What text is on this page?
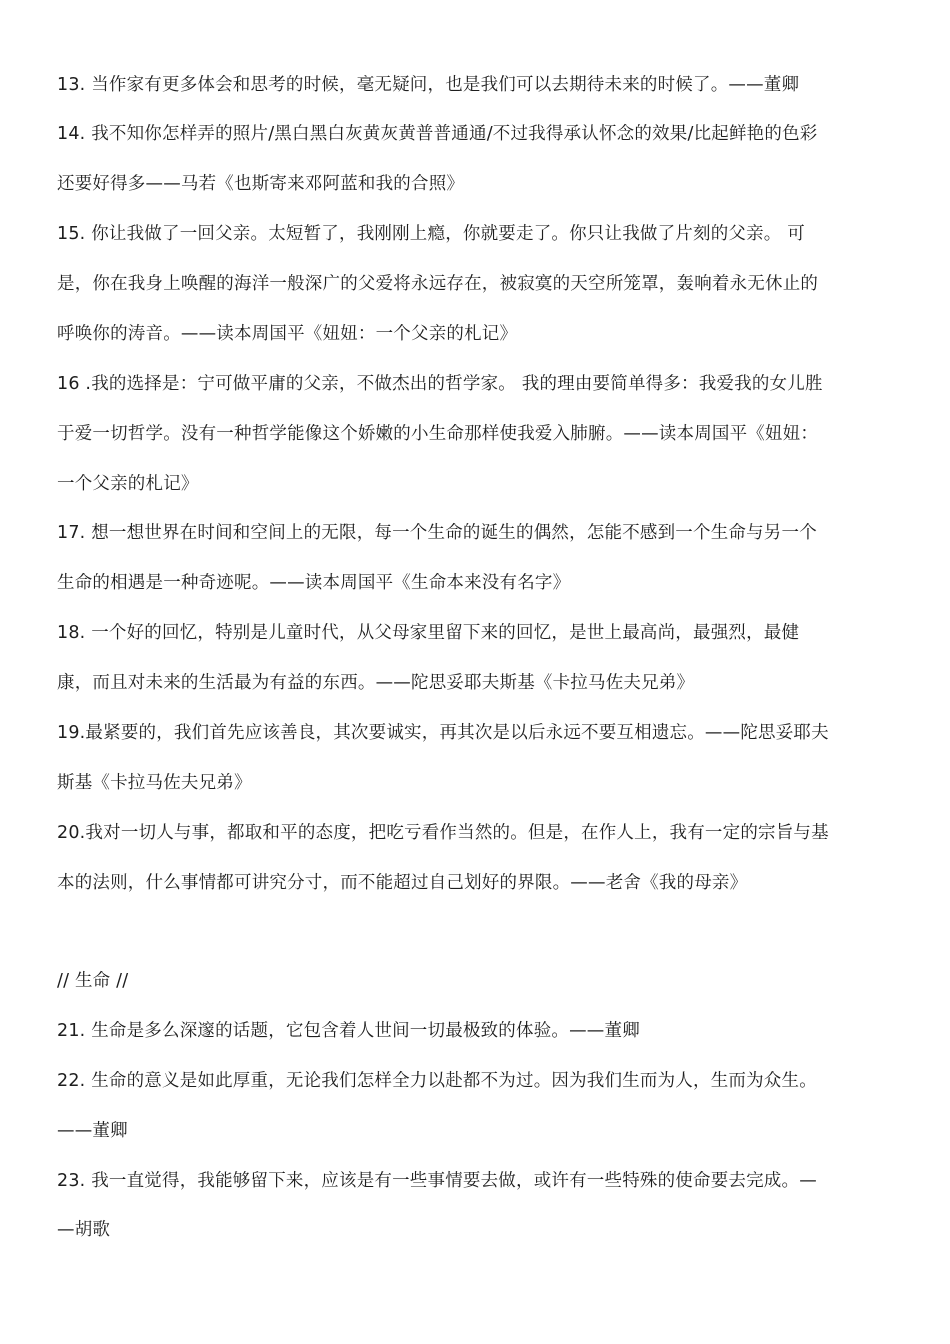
13. 当作家有更多体会和思考的时候，毫无疑问，也是我们可以去期待未来的时候了。——董卿
14. 我不知你怎样弄的照片/黑白黑白灰黄灰黄普普通通/不过我得承认怀念的效果/比起鲜艳的色彩
还要好得多——马若《也斯寄来邓阿蓝和我的合照》
15. 你让我做了一回父亲。太短暂了，我刚刚上瘾，你就要走了。你只让我做了片刻的父亲。 可
是，你在我身上唤醒的海洋一般深广的父爱将永远存在，被寂寞的天空所笼罩，轰响着永无休止的
呼唤你的涛音。——读本周国平《妞妞：一个父亲的札记》
16 .我的选择是：宁可做平庸的父亲，不做杰出的哲学家。 我的理由要简单得多：我爱我的女儿胜
于爱一切哲学。没有一种哲学能像这个娇嫩的小生命那样使我爱入肺腑。——读本周国平《妞妞：
一个父亲的札记》
17. 想一想世界在时间和空间上的无限，每一个生命的诞生的偶然，怎能不感到一个生命与另一个
生命的相遇是一种奇迹呢。——读本周国平《生命本来没有名字》
18. 一个好的回忆，特别是儿童时代，从父母家里留下来的回忆，是世上最高尚，最强烈，最健
康，而且对未来的生活最为有益的东西。——陀思妥耶夫斯基《卡拉马佐夫兄弟》
19.最紧要的，我们首先应该善良，其次要诚实，再其次是以后永远不要互相遗忘。——陀思妥耶夫
斯基《卡拉马佐夫兄弟》
20.我对一切人与事，都取和平的态度，把吃亏看作当然的。但是，在作人上，我有一定的宗旨与基
本的法则，什么事情都可讲究分寸，而不能超过自己划好的界限。——老舍《我的母亲》
// 生命 //
21. 生命是多么深邃的话题，它包含着人世间一切最极致的体验。——董卿
22. 生命的意义是如此厚重，无论我们怎样全力以赴都不为过。因为我们生而为人，生而为众生。
——董卿
23. 我一直觉得，我能够留下来，应该是有一些事情要去做，或许有一些特殊的使命要去完成。—
—胡歌
